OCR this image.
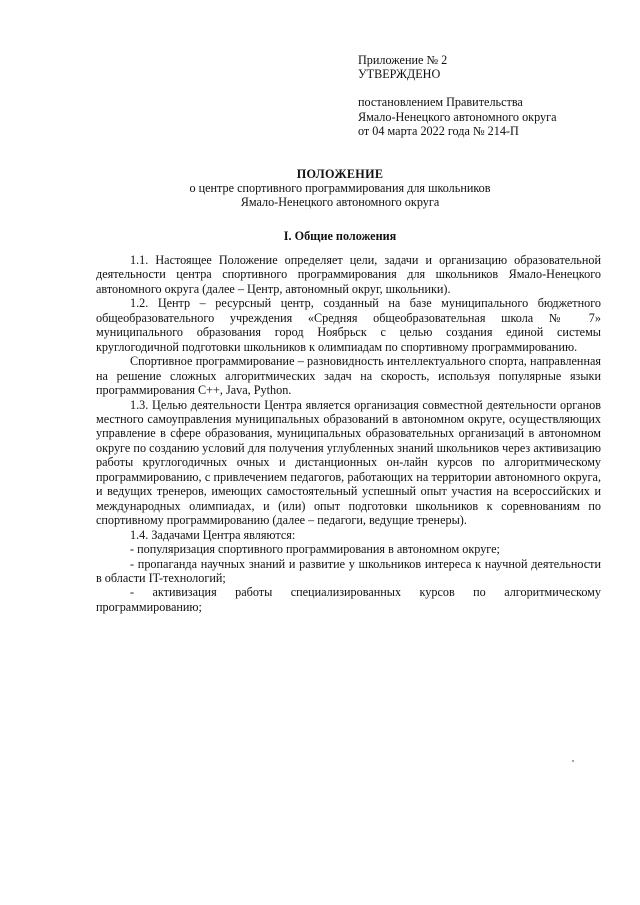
Приложение № 2
УТВЕРЖДЕНО
постановлением Правительства
Ямало-Ненецкого автономного округа
от 04 марта 2022 года № 214-П
ПОЛОЖЕНИЕ
о центре спортивного программирования для школьников
Ямало-Ненецкого автономного округа
I. Общие положения

1.1. Настоящее Положение определяет цели, задачи и организацию образовательной деятельности центра спортивного программирования для школьников Ямало-Ненецкого автономного округа (далее – Центр, автономный округ, школьники).

1.2. Центр – ресурсный центр, созданный на базе муниципального бюджетного общеобразовательного учреждения «Средняя общеобразовательная школа № 7» муниципального образования город Ноябрьск с целью создания единой системы круглогодичной подготовки школьников к олимпиадам по спортивному программированию.

Спортивное программирование – разновидность интеллектуального спорта, направленная на решение сложных алгоритмических задач на скорость, используя популярные языки программирования С++, Java, Python.

1.3. Целью деятельности Центра является организация совместной деятельности органов местного самоуправления муниципальных образований в автономном округе, осуществляющих управление в сфере образования, муниципальных образовательных организаций в автономном округе по созданию условий для получения углубленных знаний школьников через активизацию работы круглогодичных очных и дистанционных он-лайн курсов по алгоритмическому программированию, с привлечением педагогов, работающих на территории автономного округа, и ведущих тренеров, имеющих самостоятельный успешный опыт участия на всероссийских и международных олимпиадах, и (или) опыт подготовки школьников к соревнованиям по спортивному программированию (далее – педагоги, ведущие тренеры).

1.4. Задачами Центра являются:

- популяризация спортивного программирования в автономном округе;

- пропаганда научных знаний и развитие у школьников интереса к научной деятельности в области IT-технологий;

- активизация работы специализированных курсов по алгоритмическому программированию;
